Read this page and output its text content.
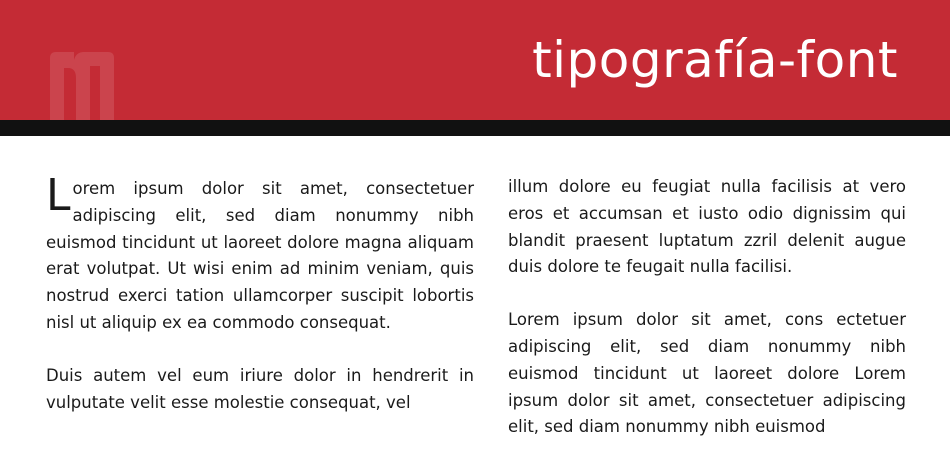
tipografía-font

Lorem ipsum dolor sit amet, consectetuer adipiscing elit, sed diam nonummy nibh euismod tincidunt ut laoreet dolore magna aliquam erat volutpat. Ut wisi enim ad minim veniam, quis nostrud exerci tation ullamcorper suscipit lobortis nisl ut aliquip ex ea commodo consequat.

Duis autem vel eum iriure dolor in hendrerit in vulputate velit esse molestie consequat, vel

illum dolore eu feugiat nulla facilisis at vero eros et accumsan et iusto odio dignissim qui blandit praesent luptatum zzril delenit augue duis dolore te feugait nulla facilisi.

Lorem ipsum dolor sit amet, cons ectetuer adipiscing elit, sed diam nonummy nibh euismod tincidunt ut laoreet dolore Lorem ipsum dolor sit amet, consectetuer adipiscing elit, sed diam nonummy nibh euismod
